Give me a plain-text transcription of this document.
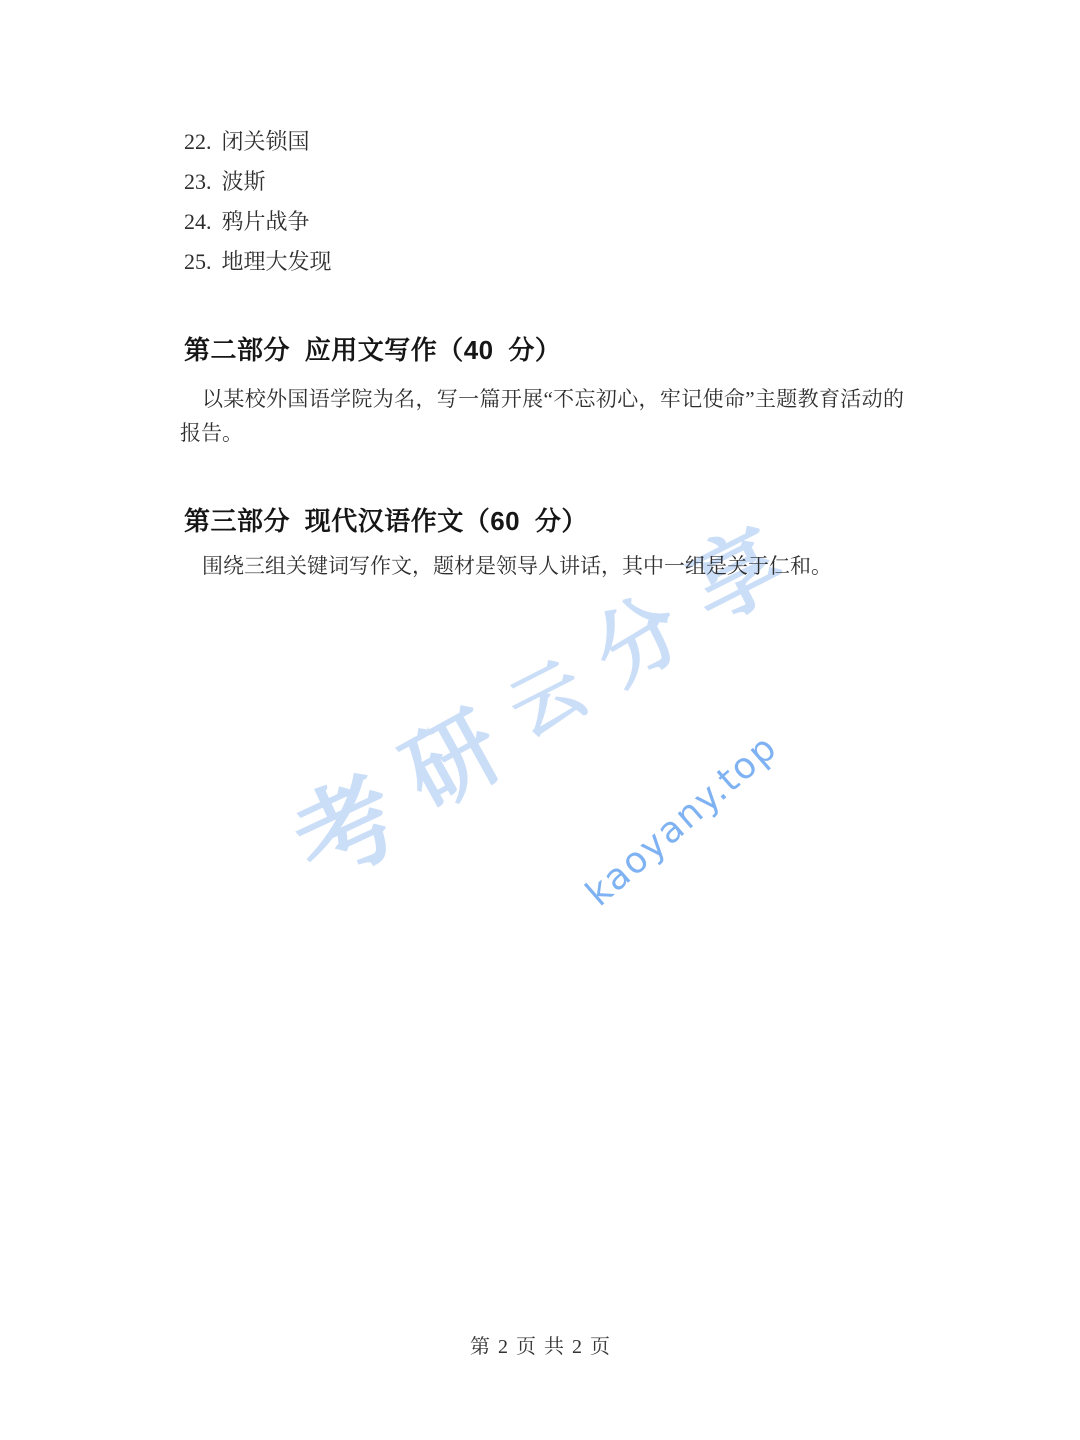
考
研
云
分
享
kaoyany.top
22. 闭关锁国
23. 波斯
24. 鸦片战争
25. 地理大发现
第二部分 应用文写作（40 分）

以某校外国语学院为名，写一篇开展“不忘初心，牢记使命”主题教育活动的报告。

第三部分 现代汉语作文（60 分）

围绕三组关键词写作文，题材是领导人讲话，其中一组是关于仁和。

第 2 页 共 2 页
